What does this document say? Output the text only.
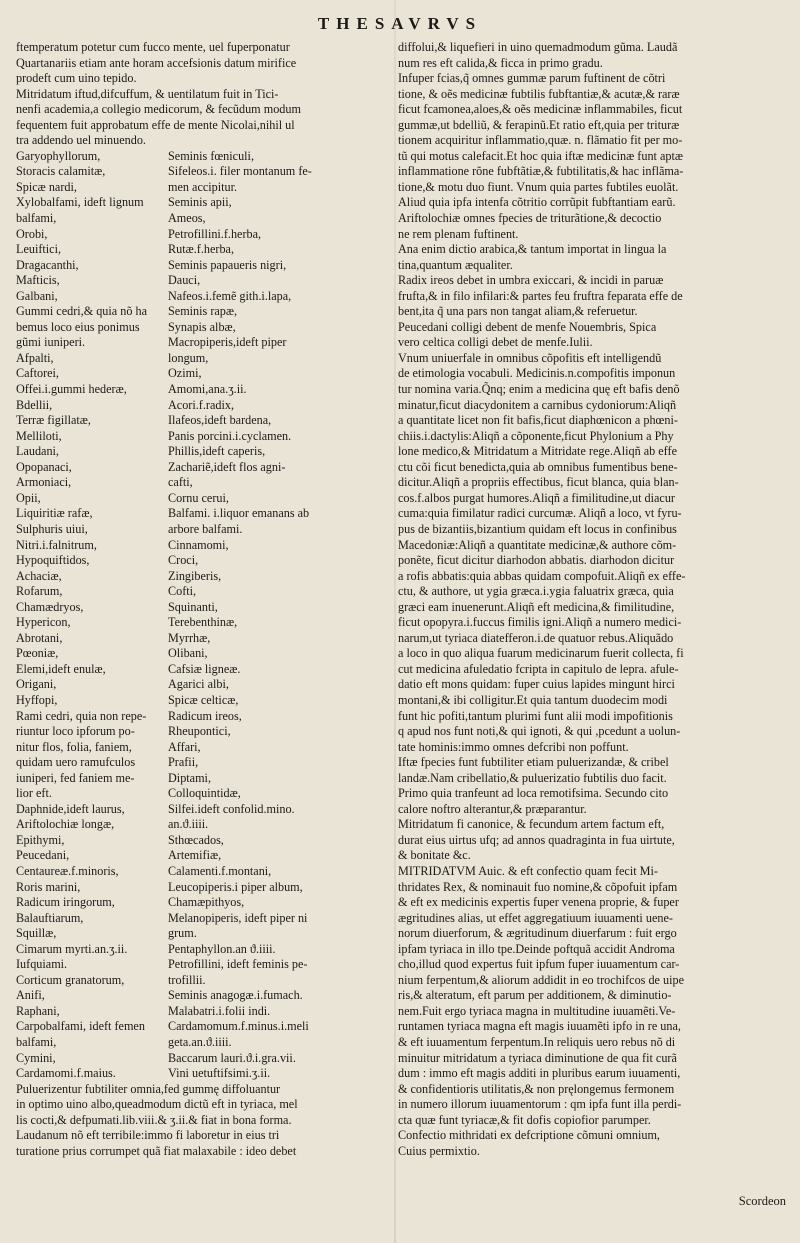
THESAVRVS
ftemperatum potetur cum fucco mente, uel fuperponatur
Quartanariis etiam ante horam accefsionis datum mirifice
prodeft cum uino tepido.
Mitridatum iftud,difcuffum, & uentilatum fuit in Tici-
nenfi academia,a collegio medicorum, & fecũdum modum
fequentem fuit approbatum effe de mente Nicolai,nihil ul
tra addendo uel minuendo.
Garyophyllorum,
Storacis calamitæ,
Spicæ nardi,
Xylobalfami, ideft lignum
balfami,
Orobi,
Leuiftici,
Dragacanthi,
Mafticis,
Galbani,
Gummi cedri,& quia nõ ha
bemus loco eius ponimus
gũmi iuniperi.
Afpalti,
Caftorei,
Offei.i.gummi hederæ,
Bdellii,
Terræ figillatæ,
Melliloti,
Laudani,
Opopanaci,
Armoniaci,
Opii,
Liquiritiæ rafæ,
Sulphuris uiui,
Nitri.i.falnitrum,
Hypoquiftidos,
Achaciæ,
Rofarum,
Chamædryos,
Hypericon,
Abrotani,
Pœoniæ,
Elemi,ideft enulæ,
Origani,
Hyffopi,
Seminis fœniculi,
Sifeleos.i. filer montanum fe-
men accipitur.
Seminis apii,
Ameos,
Petrofillini.f.herba,
Rutæ.f.herba,
Seminis papaueris nigri,
Dauci,
Nafeos.i.femẽ gith.i.lapa,
Seminis rapæ,
Synapis albæ,
Macropiperis,ideft piper
longum,
Ozimi,
Amomi,ana.ʒ.ii.
Acori.f.radix,
Ilafeos,ideft bardena,
Panis porcini.i.cyclamen.
Phillis,ideft caperis,
Zachariẽ,ideft flos agni-
cafti,
Cornu cerui,
Balfami. i.liquor emanans ab
arbore balfami.
Cinnamomi,
Croci,
Zingiberis,
Cofti,
Squinanti,
Terebenthinæ,
Myrrhæ,
Olibani,
Cafsiæ ligneæ.
Agarici albi,
Spicæ celticæ,
Rami cedri, quia non repe-
riuntur loco ipforum po-
nitur flos, folia, faniem,
quidam uero ramufculos
iuniperi, fed faniem me-
lior eft.
Daphnide,ideft laurus,
Ariftolochiæ longæ,
Epithymi,
Peucedani,
Centaureæ.f.minoris,
Roris marini,
Radicum iringorum,
Balauftiarum,
Squillæ,
Cimarum myrti.an.ʒ.ii.
Iufquiami.
Corticum granatorum,
Anifi,
Raphani,
Carpobalfami, ideft femen
balfami,
Cymini,
Cardamomi.f.maius.
Radicum ireos,
Rheupontici,
Affari,
Prafii,
Diptami,
Colloquintidæ,
Silfei.ideft confolid.mino.
an.ϑ.iiii.
Sthœcados,
Artemifiæ,
Calamenti.f.montani,
Leucopiperis.i piper album,
Chamæpithyos,
Melanopiperis, ideft piper ni
grum.
Pentaphyllon.an ϑ.iiii.
Petrofillini, ideft feminis pe-
trofillii.
Seminis anagogæ.i.fumach.
Malabatri.i.folii indi.
Cardamomum.f.minus.i.meli
geta.an.ϑ.iiii.
Baccarum lauri.ϑ.i.gra.vii.
Vini uetuftifsimi.ʒ.ii.
Puluerizentur fubtiliter omnia,fed gummę diffoluantur
in optimo uino albo,queadmodum dictũ eft in tyriaca, mel
lis cocti,& defpumati.lib.viii.& ʒ.ii.& fiat in bona forma.
Laudanum nõ eft terribile:immo fi laboretur in eius tri
turatione prius corrumpet quã fiat malaxabile : ideo debet
diffolui,& liquefieri in uino quemadmodum gũma. Laudã
num res eft calida,& ficca in primo gradu.
Infuper fcias,q̃ omnes gummæ parum fuftinent de cõtri
tione, & oẽs medicinæ fubtilis fubftantiæ,& acutæ,& raræ
ficut fcamonea,aloes,& oẽs medicinæ inflammabiles, ficut
gummæ,ut bdelliũ, & ferapinũ.Et ratio eft,quia per trituræ
tionem acquiritur inflammatio,quæ. n. flãmatio fit per mo-
tũ qui motus calefacit.Et hoc quia iftæ medicinæ funt aptæ
inflammatione rõne fubftãtiæ,& fubtilitatis,& hac inflãma-
tione,& motu duo fiunt. Vnum quia partes fubtiles euolãt.
Aliud quia ipfa intenfa cõtritio corrũpit fubftantiam earũ.
Ariftolochiæ omnes fpecies de triturãtione,& decoctio
ne rem plenam fuftinent.
Ana enim dictio arabica,& tantum importat in lingua la
tina,quantum æqualiter.
Radix ireos debet in umbra exiccari, & incidi in paruæ
frufta,& in filo infilari:& partes feu fruftra feparata effe de
bent,ita q̃ una pars non tangat aliam,& referuetur.
Peucedani colligi debent de menfe Nouembris, Spica
vero celtica colligi debet de menfe.Iulii.
Vnum uniuerfale in omnibus cõpofitis eft intelligendũ
de etimologia vocabuli. Medicinis.n.compofitis imponun
tur nomina varia.Q̃nq; enim a medicina quę eft bafis denõ
minatur,ficut diacydonitem a carnibus cydoniorum:Aliqñ
a quantitate licet non fit bafis,ficut diaphœnicon a phœni-
chiis.i.dactylis:Aliqñ a cõponente,ficut Phylonium a Phy
lone medico,& Mitridatum a Mitridate rege.Aliqñ ab effe
ctu cõi ficut benedicta,quia ab omnibus fumentibus bene-
dicitur.Aliqñ a propriis effectibus, ficut blanca, quia blan-
cos.f.albos purgat humores.Aliqñ a fimilitudine,ut diacur
cuma:quia fimilatur radici curcumæ. Aliqñ a loco, vt fyru-
pus de bizantiis,bizantium quidam eft locus in confinibus
Macedoniæ:Aliqñ a quantitate medicinæ,& authore cõm-
ponẽte, ficut dicitur diarhodon abbatis. diarhodon dicitur
a rofis abbatis:quia abbas quidam compofuit.Aliqñ ex effe-
ctu, & authore, ut ygia græca.i.ygia faluatrix græca, quia
græci eam inuenerunt.Aliqñ eft medicina,& fimilitudine,
ficut opopyra.i.fuccus fimilis igni.Aliqñ a numero medici-
narum,ut tyriaca diatefferon.i.de quatuor rebus.Aliquãdo
a loco in quo aliqua fuarum medicinarum fuerit collecta, fi
cut medicina afuledatio fcripta in capitulo de lepra. afule-
datio eft mons quidam: fuper cuius lapides mingunt hirci
montani,& ibi colligitur.Et quia tantum duodecim modi
funt hic pofiti,tantum plurimi funt alii modi impofitionis
q apud nos funt noti,& qui ignoti, & qui ,pcedunt a uolun-
tate hominis:immo omnes defcribi non poffunt.
Iftæ fpecies funt fubtiliter etiam puluerizandæ, & cribel
landæ.Nam cribellatio,& puluerizatio fubtilis duo facit.
Primo quia tranfeunt ad loca remotifsima. Secundo cito
calore noftro alterantur,& præparantur.
Mitridatum fi canonice, & fecundum artem factum eft,
durat eius uirtus ufq; ad annos quadraginta in fua uirtute,
& bonitate &c.
MITRIDATVM Auic. & eft confectio quam fecit Mi-
thridates Rex, & nominauit fuo nomine,& cõpofuit ipfam
& eft ex medicinis expertis fuper venena proprie, & fuper
ægritudines alias, ut effet aggregatiuum iuuamenti uene-
norum diuerforum, & ægritudinum diuerfarum : fuit ergo
ipfam tyriaca in illo tpe.Deinde poftquã accidit Androma
cho,illud quod expertus fuit ipfum fuper iuuamentum car-
nium ferpentum,& aliorum addidit in eo trochifcos de uipe
ris,& alteratum, eft parum per additionem, & diminutio-
nem.Fuit ergo tyriaca magna in multitudine iuuamẽti.Ve-
runtamen tyriaca magna eft magis iuuamẽti ipfo in re una,
& eft iuuamentum ferpentum.In reliquis uero rebus nõ di
minuitur mitridatum a tyriaca diminutione de qua fit curã
dum : immo eft magis additi in pluribus earum iuuamenti,
& confidentioris utilitatis,& non pręlongemus fermonem
in numero illorum iuuamentorum : qm ipfa funt illa perdi-
cta quæ funt tyriacæ,& fit dofis copiofior parumper.
Confectio mithridati ex defcriptione cõmuni omnium,
Cuius permixtio.
Scordeon
